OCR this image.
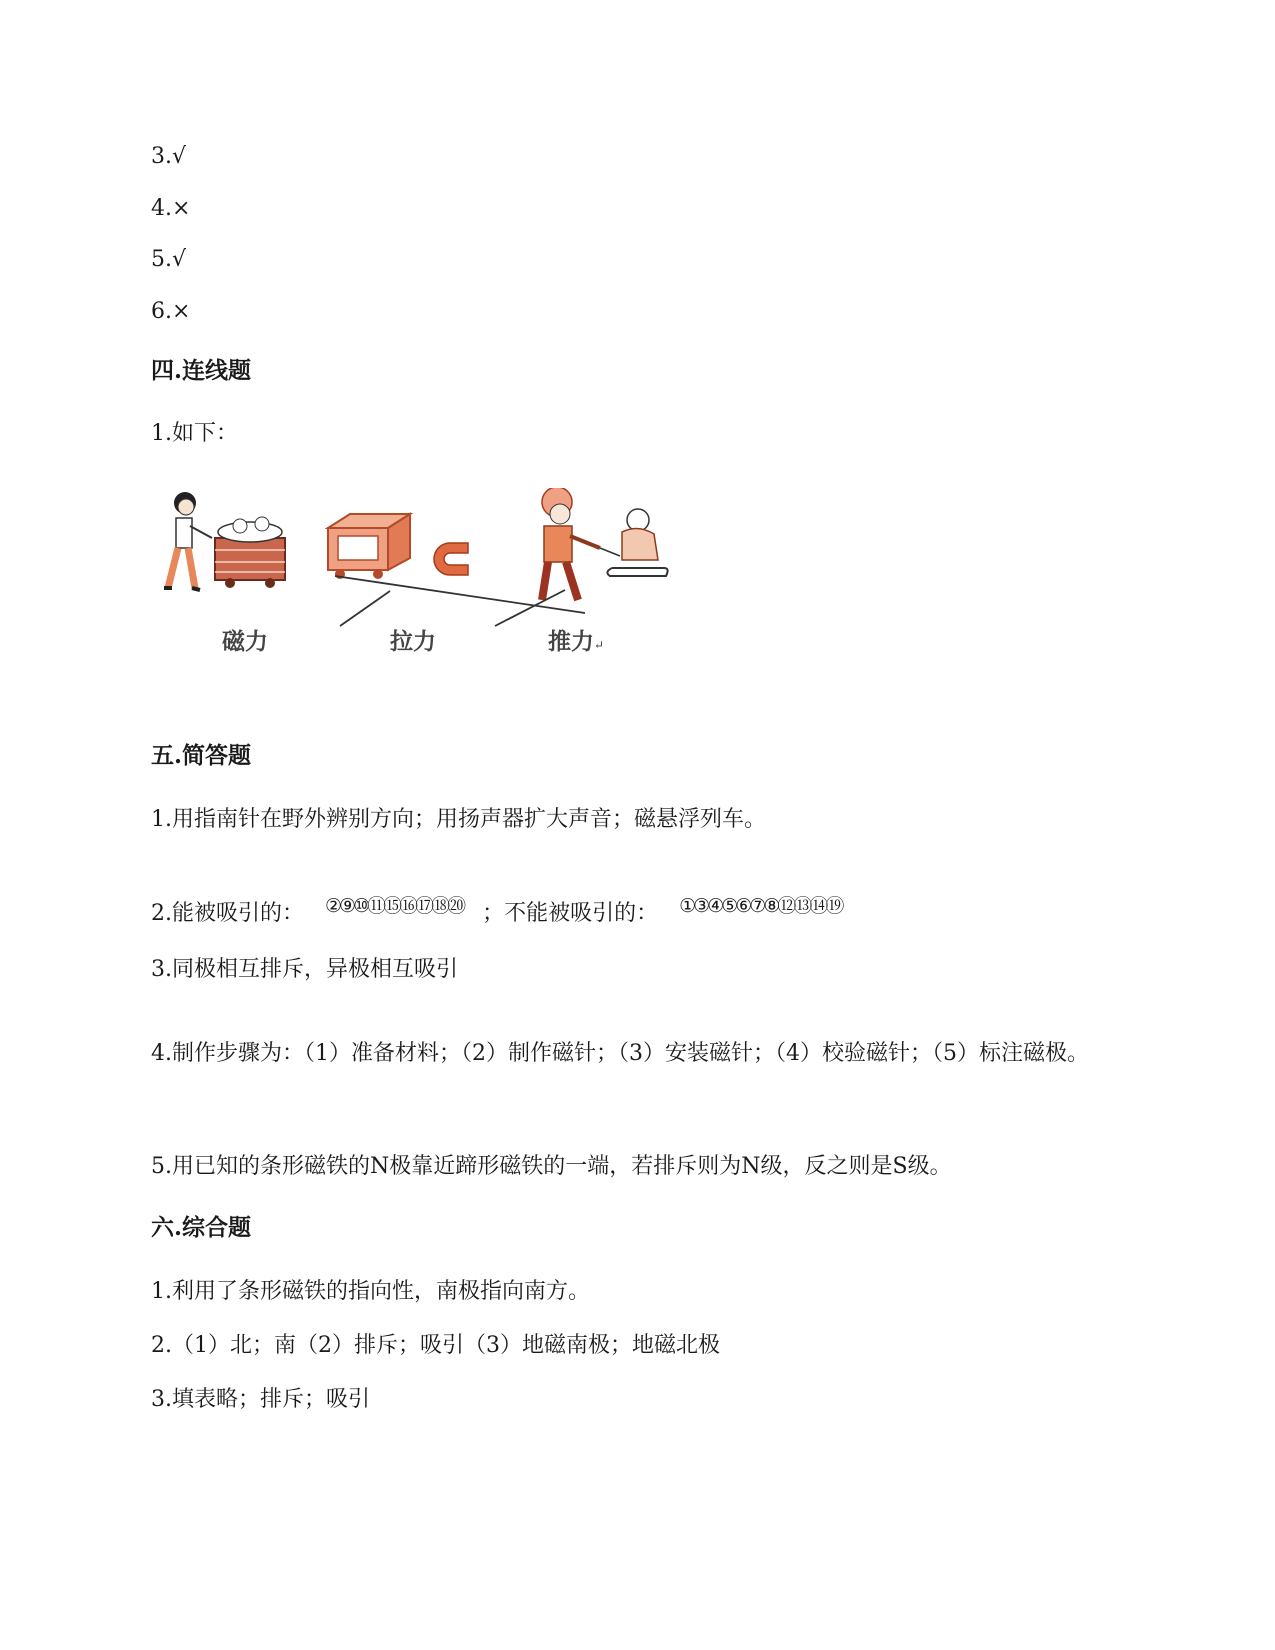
3.√
4.×
5.√
6.×
四.连线题
1.如下：
磁力	拉力	推力↵
五.简答题
1.用指南针在野外辨别方向；用扬声器扩大声音；磁悬浮列车。
2.能被吸引的： ②⑨⑩⑪⑮⑯⑰⑱⑳ ；不能被吸引的： ①③④⑤⑥⑦⑧⑫⑬⑭⑲
3.同极相互排斥，异极相互吸引
4.制作步骤为：（1）准备材料；（2）制作磁针；（3）安装磁针；（4）校验磁针；（5）标注磁极。
5.用已知的条形磁铁的N极靠近蹄形磁铁的一端，若排斥则为N级，反之则是S级。
六.综合题
1.利用了条形磁铁的指向性，南极指向南方。
2.（1）北；南（2）排斥；吸引（3）地磁南极；地磁北极
3.填表略；排斥；吸引
